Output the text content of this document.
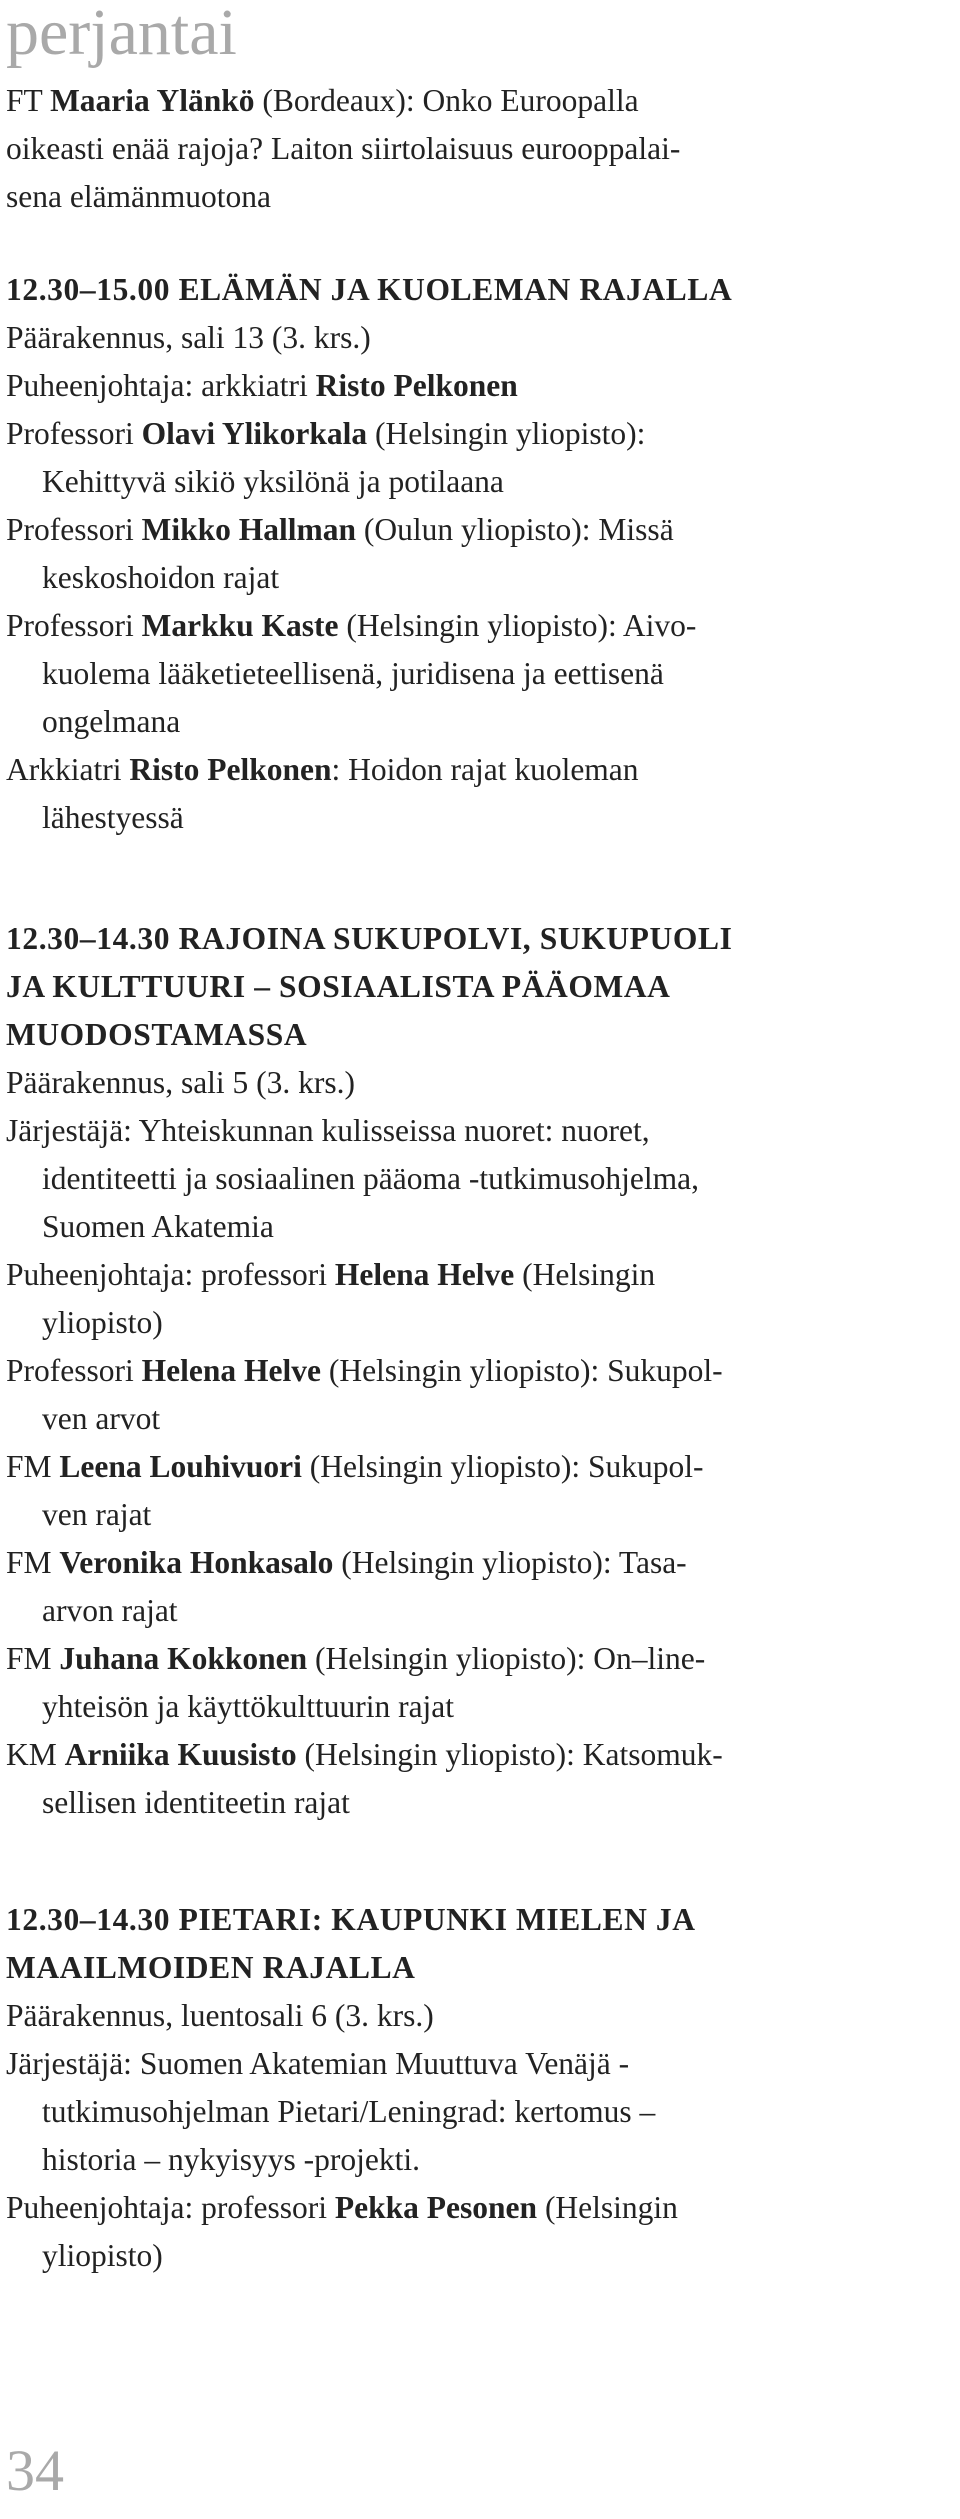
perjantai
FT Maaria Ylänkö (Bordeaux): Onko Euroopalla
oikeasti enää rajoja? Laiton siirtolaisuus eurooppalai-
sena elämänmuotona
12.30–15.00 ELÄMÄN JA KUOLEMAN RAJALLA
Päärakennus, sali 13 (3. krs.)
Puheenjohtaja: arkkiatri Risto Pelkonen
Professori Olavi Ylikorkala (Helsingin yliopisto):
Kehittyvä sikiö yksilönä ja potilaana
Professori Mikko Hallman (Oulun yliopisto): Missä
keskoshoidon rajat
Professori Markku Kaste (Helsingin yliopisto): Aivo-
kuolema lääketieteellisenä, juridisena ja eettisenä
ongelmana
Arkkiatri Risto Pelkonen: Hoidon rajat kuoleman
lähestyessä
12.30–14.30 RAJOINA SUKUPOLVI, SUKUPUOLI
JA KULTTUURI – SOSIAALISTA PÄÄOMAA
MUODOSTAMASSA
Päärakennus, sali 5 (3. krs.)
Järjestäjä: Yhteiskunnan kulisseissa nuoret: nuoret,
identiteetti ja sosiaalinen pääoma -tutkimusohjelma,
Suomen Akatemia
Puheenjohtaja: professori Helena Helve (Helsingin
yliopisto)
Professori Helena Helve (Helsingin yliopisto): Sukupol-
ven arvot
FM Leena Louhivuori (Helsingin yliopisto): Sukupol-
ven rajat
FM Veronika Honkasalo (Helsingin yliopisto): Tasa-
arvon rajat
FM Juhana Kokkonen (Helsingin yliopisto): On–line-
yhteisön ja käyttökulttuurin rajat
KM Arniika Kuusisto (Helsingin yliopisto): Katsomuk-
sellisen identiteetin rajat
12.30–14.30 PIETARI: KAUPUNKI MIELEN JA
MAAILMOIDEN RAJALLA
Päärakennus, luentosali 6 (3. krs.)
Järjestäjä: Suomen Akatemian Muuttuva Venäjä -
tutkimusohjelman Pietari/Leningrad: kertomus –
historia – nykyisyys -projekti.
Puheenjohtaja: professori Pekka Pesonen (Helsingin
yliopisto)
34
